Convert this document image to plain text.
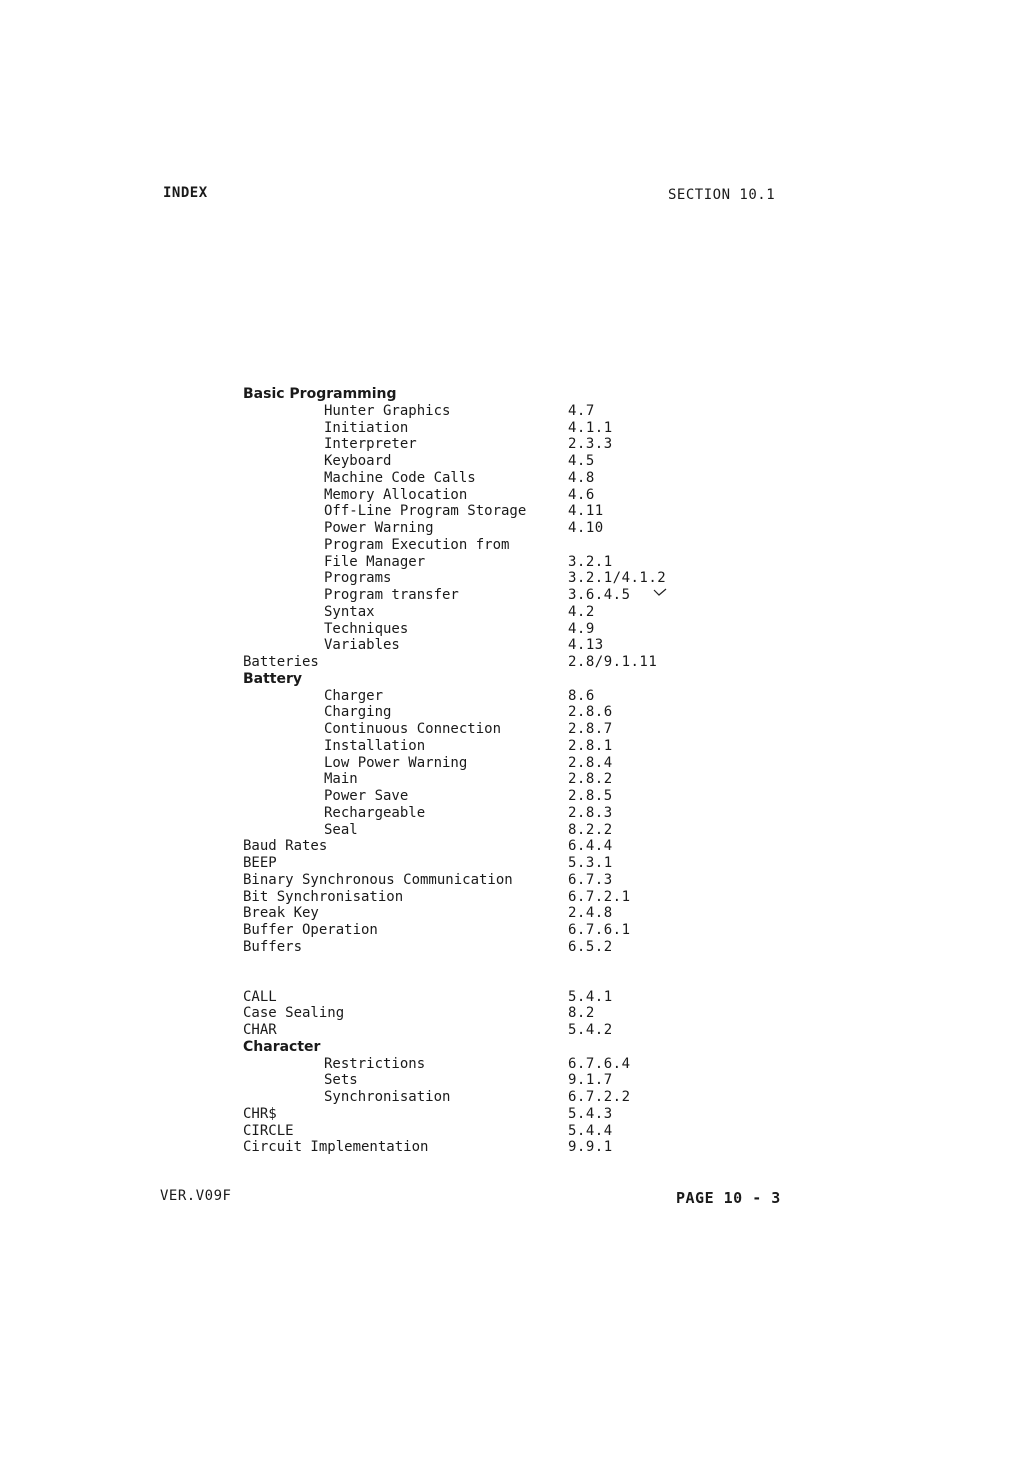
INDEX	SECTION 10.1
Basic Programming
Hunter Graphics	4.7
Initiation	4.1.1
Interpreter	2.3.3
Keyboard	4.5
Machine Code Calls	4.8
Memory Allocation	4.6
Off-Line Program Storage	4.11
Power Warning	4.10
Program Execution from
File Manager	3.2.1
Programs	3.2.1/4.1.2
Program transfer	3.6.4.5
Syntax	4.2
Techniques	4.9
Variables	4.13
Batteries	2.8/9.1.11
Battery
Charger	8.6
Charging	2.8.6
Continuous Connection	2.8.7
Installation	2.8.1
Low Power Warning	2.8.4
Main	2.8.2
Power Save	2.8.5
Rechargeable	2.8.3
Seal	8.2.2
Baud Rates	6.4.4
BEEP	5.3.1
Binary Synchronous Communication	6.7.3
Bit Synchronisation	6.7.2.1
Break Key	2.4.8
Buffer Operation	6.7.6.1
Buffers	6.5.2
CALL	5.4.1
Case Sealing	8.2
CHAR	5.4.2
Character
Restrictions	6.7.6.4
Sets	9.1.7
Synchronisation	6.7.2.2
CHR$	5.4.3
CIRCLE	5.4.4
Circuit Implementation	9.9.1
VER.V09F	PAGE 10 - 3
